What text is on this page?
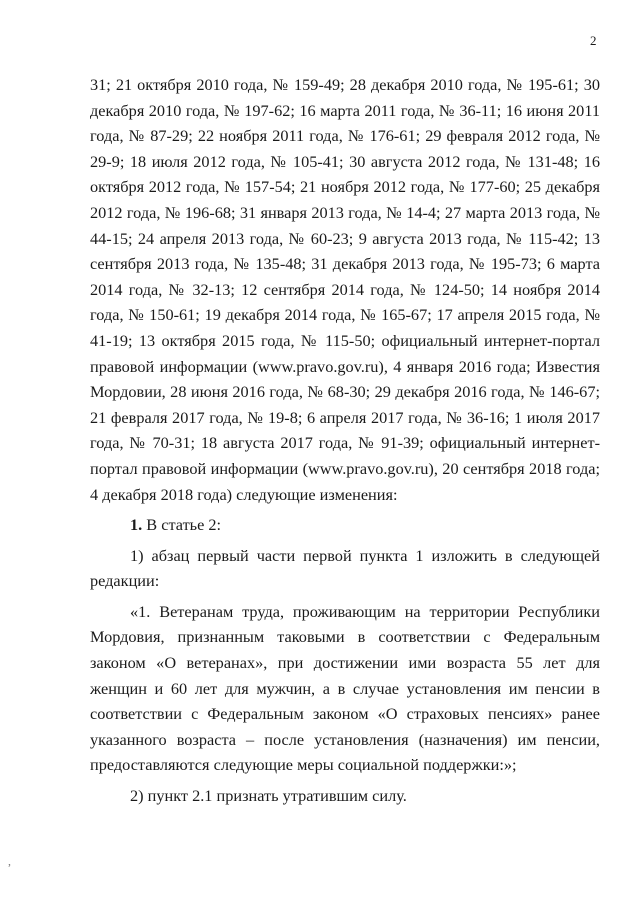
2

31; 21 октября 2010 года, № 159-49; 28 декабря 2010 года, № 195-61; 30 декабря 2010 года, № 197-62; 16 марта 2011 года, № 36-11; 16 июня 2011 года, № 87-29; 22 ноября 2011 года, № 176-61; 29 февраля 2012 года, № 29-9; 18 июля 2012 года, № 105-41; 30 августа 2012 года, № 131-48; 16 октября 2012 года, № 157-54; 21 ноября 2012 года, № 177-60; 25 декабря 2012 года, № 196-68; 31 января 2013 года, № 14-4; 27 марта 2013 года, № 44-15; 24 апреля 2013 года, № 60-23; 9 августа 2013 года, № 115-42; 13 сентября 2013 года, № 135-48; 31 декабря 2013 года, № 195-73; 6 марта 2014 года, № 32-13; 12 сентября 2014 года, № 124-50; 14 ноября 2014 года, № 150-61; 19 декабря 2014 года, № 165-67; 17 апреля 2015 года, № 41-19; 13 октября 2015 года, № 115-50; официальный интернет-портал правовой информации (www.pravo.gov.ru), 4 января 2016 года; Известия Мордовии, 28 июня 2016 года, № 68-30; 29 декабря 2016 года, № 146-67; 21 февраля 2017 года, № 19-8; 6 апреля 2017 года, № 36-16; 1 июля 2017 года, № 70-31; 18 августа 2017 года, № 91-39; официальный интернет-портал правовой информации (www.pravo.gov.ru), 20 сентября 2018 года; 4 декабря 2018 года) следующие изменения:

1. В статье 2:

1) абзац первый части первой пункта 1 изложить в следующей редакции:

«1. Ветеранам труда, проживающим на территории Республики Мордовия, признанным таковыми в соответствии с Федеральным законом «О ветеранах», при достижении ими возраста 55 лет для женщин и 60 лет для мужчин, а в случае установления им пенсии в соответствии с Федеральным законом «О страховых пенсиях» ранее указанного возраста – после установления (назначения) им пенсии, предоставляются следующие меры социальной поддержки:»;

2) пункт 2.1 признать утратившим силу.

,
